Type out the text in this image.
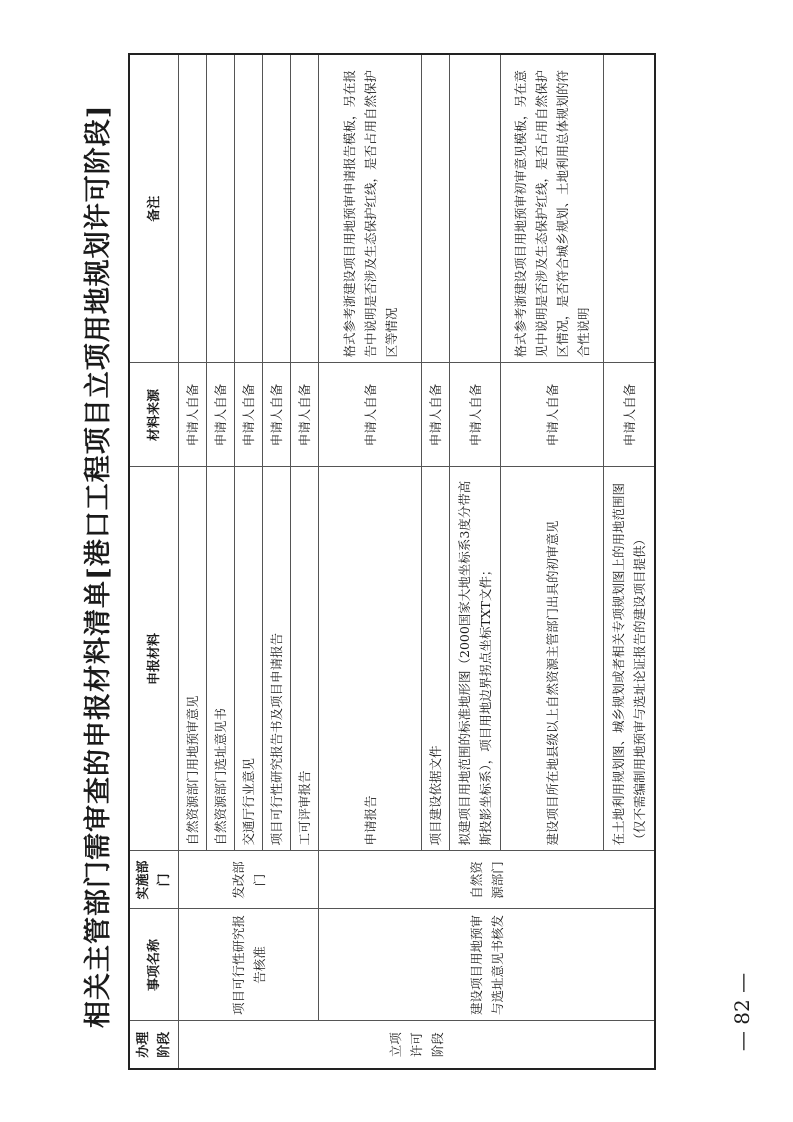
相关主管部门需审查的申报材料清单[港口工程项目立项用地规划许可阶段]
办理阶段	事项名称	实施部门	申报材料	材料来源	备注
立项许可阶段	项目可行性研究报告核准	发改部门	自然资源部门用地预审意见	申请人自备	
			自然资源部门选址意见书	申请人自备	
			交通厅行业意见	申请人自备	
			项目可行性研究报告书及项目申请报告	申请人自备	
			工可评审报告	申请人自备	
	建设项目用地预审与选址意见书核发	自然资源部门	申请报告	申请人自备	格式参考浙建设项目用地预审申请报告模板，另在报告中说明是否涉及生态保护红线，是否占用自然保护区等情况
			项目建设依据文件	申请人自备	
			拟建项目用地范围的标准地形图（2000国家大地坐标系3度分带高斯投影坐标系），项目用地边界拐点坐标TXT文件；	申请人自备	
			建设项目所在地县级以上自然资源主管部门出具的初审意见	申请人自备	格式参考浙建设项目用地预审初审意见模板，另在意见中说明是否涉及生态保护红线，是否占用自然保护区情况，是否符合城乡规划、土地利用总体规划的符合性说明
			在土地利用规划图、城乡规划或者相关专项规划图上的用地范围图（仅不需编制用地预审与选址论证报告的建设项目提供）	申请人自备	
— 82 —
